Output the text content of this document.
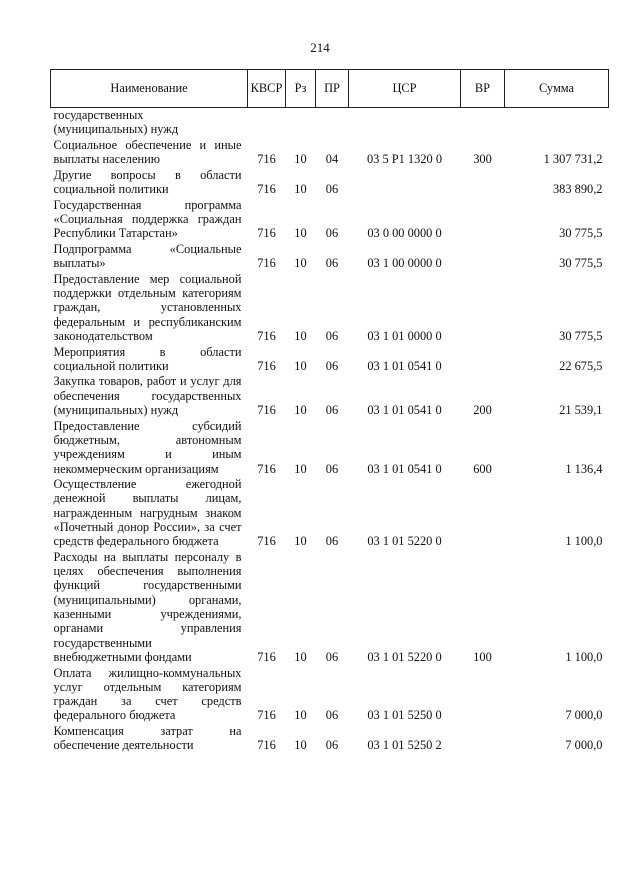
214
Наименование	КВСР	Рз	ПР	ЦСР	ВР	Сумма
государственных
(муниципальных) нужд						
Социальное обеспечение и иные выплаты населению	716	10	04	03 5 Р1 1320 0	300	1 307 731,2
Другие вопросы в области социальной политики	716	10	06			383 890,2
Государственная программа «Социальная поддержка граждан Республики Татарстан»	716	10	06	03 0 00 0000 0		30 775,5
Подпрограмма «Социальные выплаты»	716	10	06	03 1 00 0000 0		30 775,5
Предоставление мер социальной поддержки отдельным категориям граждан, установленных федеральным и республиканским законодательством	716	10	06	03 1 01 0000 0		30 775,5
Мероприятия в области социальной политики	716	10	06	03 1 01 0541 0		22 675,5
Закупка товаров, работ и услуг для обеспечения государственных (муниципальных) нужд	716	10	06	03 1 01 0541 0	200	21 539,1
Предоставление субсидий бюджетным, автономным учреждениям и иным некоммерческим организациям	716	10	06	03 1 01 0541 0	600	1 136,4
Осуществление ежегодной денежной выплаты лицам, награжденным нагрудным знаком «Почетный донор России», за счет средств федерального бюджета	716	10	06	03 1 01 5220 0		1 100,0
Расходы на выплаты персоналу в целях обеспечения выполнения функций государственными (муниципальными) органами, казенными учреждениями, органами управления государственными внебюджетными фондами	716	10	06	03 1 01 5220 0	100	1 100,0
Оплата жилищно-коммунальных услуг отдельным категориям граждан за счет средств федерального бюджета	716	10	06	03 1 01 5250 0		7 000,0
Компенсация затрат на обеспечение деятельности	716	10	06	03 1 01 5250 2		7 000,0
